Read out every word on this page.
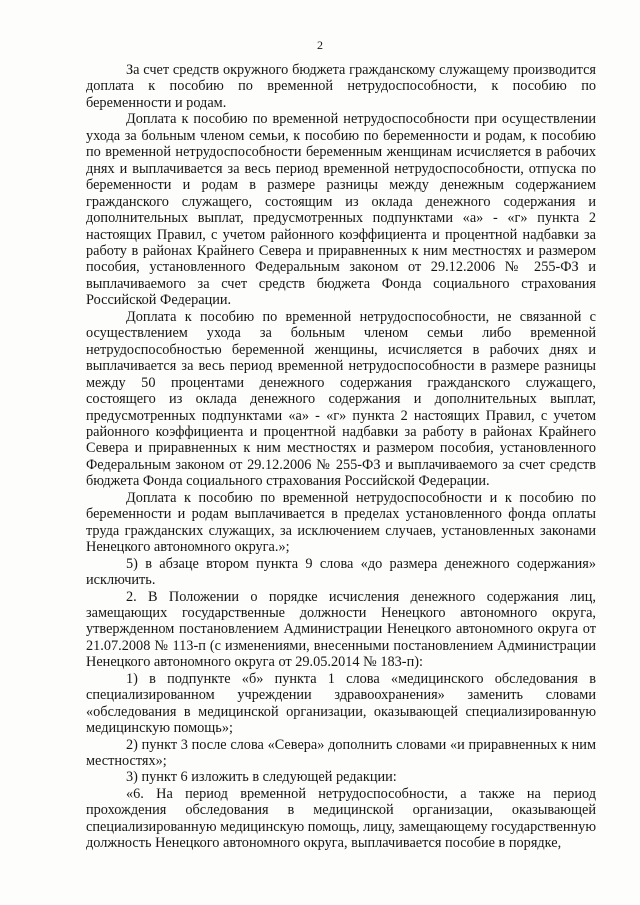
2

За счет средств окружного бюджета гражданскому служащему производится доплата к пособию по временной нетрудоспособности, к пособию по беременности и родам.

Доплата к пособию по временной нетрудоспособности при осуществлении ухода за больным членом семьи, к пособию по беременности и родам, к пособию по временной нетрудоспособности беременным женщинам исчисляется в рабочих днях и выплачивается за весь период временной нетрудоспособности, отпуска по беременности и родам в размере разницы между денежным содержанием гражданского служащего, состоящим из оклада денежного содержания и дополнительных выплат, предусмотренных подпунктами «а» - «г» пункта 2 настоящих Правил, с учетом районного коэффициента и процентной надбавки за работу в районах Крайнего Севера и приравненных к ним местностях и размером пособия, установленного Федеральным законом от 29.12.2006 № 255-ФЗ и выплачиваемого за счет средств бюджета Фонда социального страхования Российской Федерации.

Доплата к пособию по временной нетрудоспособности, не связанной с осуществлением ухода за больным членом семьи либо временной нетрудоспособностью беременной женщины, исчисляется в рабочих днях и выплачивается за весь период временной нетрудоспособности в размере разницы между 50 процентами денежного содержания гражданского служащего, состоящего из оклада денежного содержания и дополнительных выплат, предусмотренных подпунктами «а» - «г» пункта 2 настоящих Правил, с учетом районного коэффициента и процентной надбавки за работу в районах Крайнего Севера и приравненных к ним местностях и размером пособия, установленного Федеральным законом от 29.12.2006 № 255-ФЗ и выплачиваемого за счет средств бюджета Фонда социального страхования Российской Федерации.

Доплата к пособию по временной нетрудоспособности и к пособию по беременности и родам выплачивается в пределах установленного фонда оплаты труда гражданских служащих, за исключением случаев, установленных законами Ненецкого автономного округа.»;

5) в абзаце втором пункта 9 слова «до размера денежного содержания» исключить.

2. В Положении о порядке исчисления денежного содержания лиц, замещающих государственные должности Ненецкого автономного округа, утвержденном постановлением Администрации Ненецкого автономного округа от 21.07.2008 № 113-п (с изменениями, внесенными постановлением Администрации Ненецкого автономного округа от 29.05.2014 № 183-п):

1) в подпункте «б» пункта 1 слова «медицинского обследования в специализированном учреждении здравоохранения» заменить словами «обследования в медицинской организации, оказывающей специализированную медицинскую помощь»;

2) пункт 3 после слова «Севера» дополнить словами «и приравненных к ним местностях»;

3) пункт 6 изложить в следующей редакции:

«6. На период временной нетрудоспособности, а также на период прохождения обследования в медицинской организации, оказывающей специализированную медицинскую помощь, лицу, замещающему государственную должность Ненецкого автономного округа, выплачивается пособие в порядке,
